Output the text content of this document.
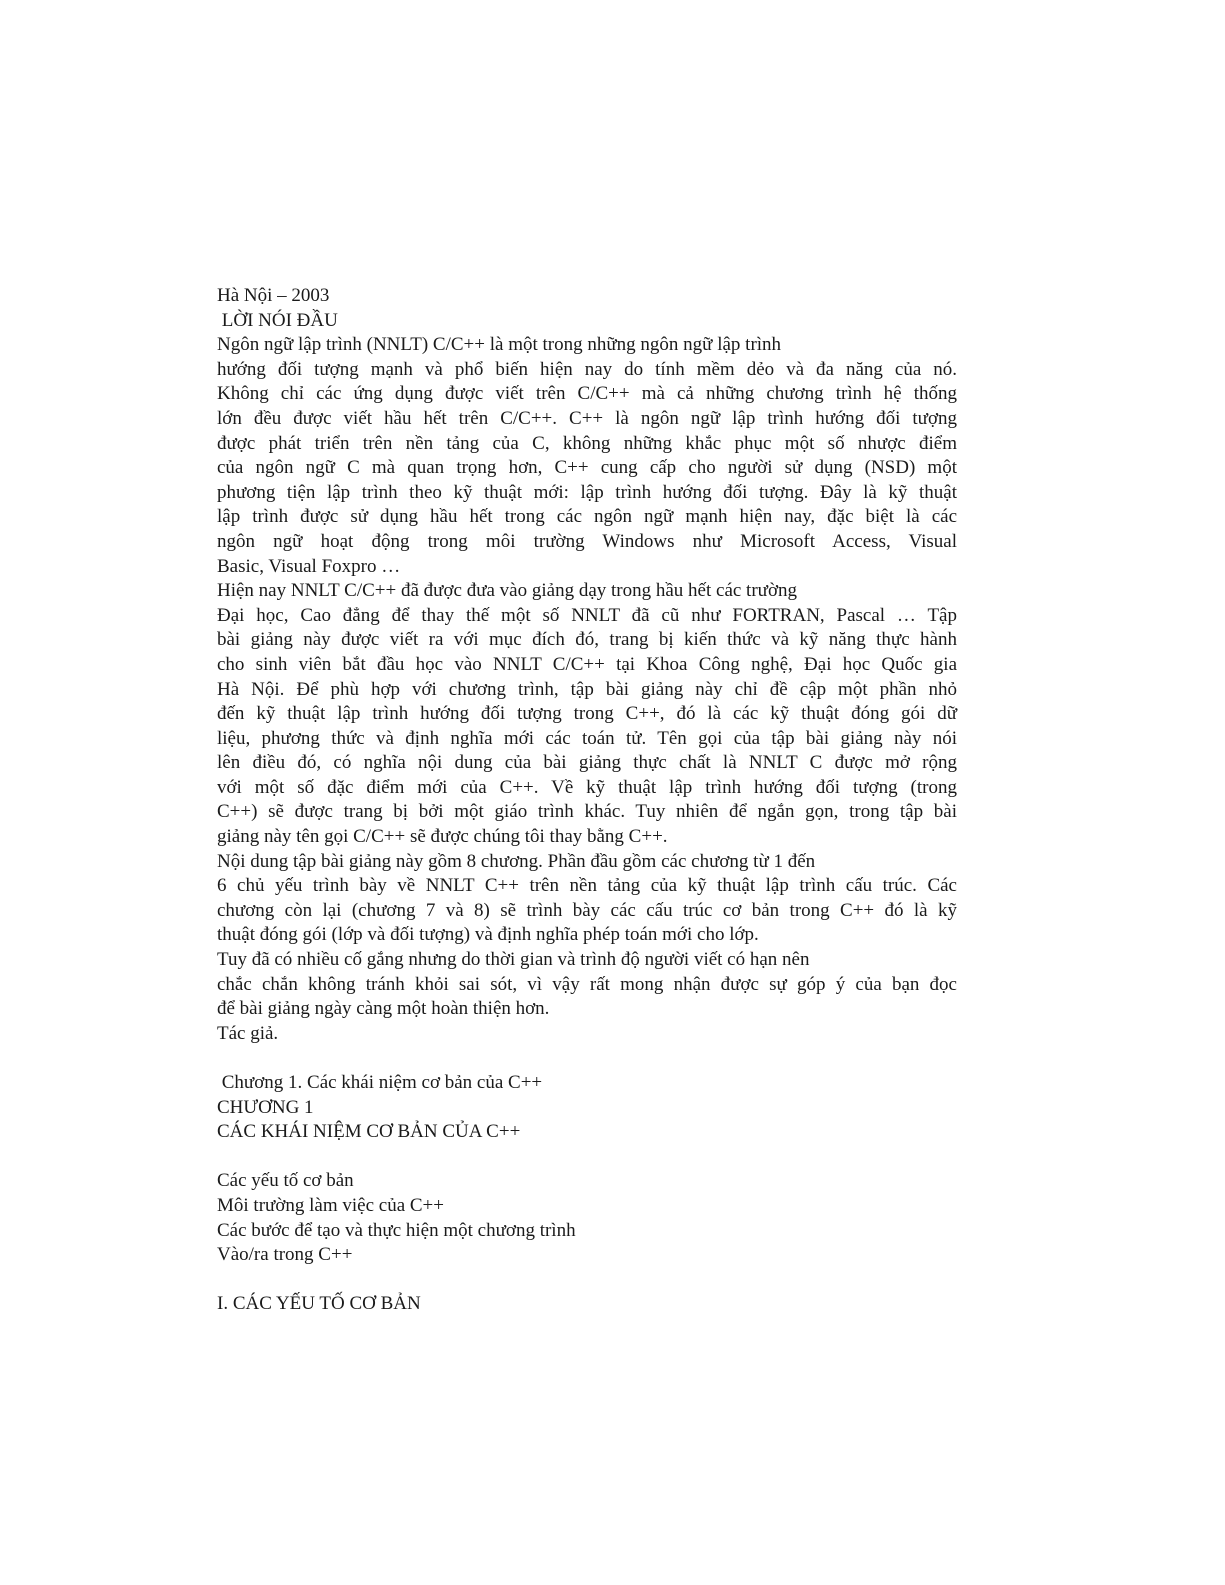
Hà Nội – 2003
LỜI NÓI ĐẦU
Ngôn ngữ lập trình (NNLT) C/C++ là một trong những ngôn ngữ lập trình
hướng đối tượng mạnh và phổ biến hiện nay do tính mềm dẻo và đa năng của nó.
Không chỉ các ứng dụng được viết trên C/C++ mà cả những chương trình hệ thống
lớn đều được viết hầu hết trên C/C++. C++ là ngôn ngữ lập trình hướng đối tượng
được phát triển trên nền tảng của C, không những khắc phục một số nhược điểm
của ngôn ngữ C mà quan trọng hơn, C++ cung cấp cho người sử dụng (NSD) một
phương tiện lập trình theo kỹ thuật mới: lập trình hướng đối tượng. Đây là kỹ thuật
lập trình được sử dụng hầu hết trong các ngôn ngữ mạnh hiện nay, đặc biệt là các
ngôn ngữ hoạt động trong môi trường Windows như Microsoft Access, Visual
Basic, Visual Foxpro …
Hiện nay NNLT C/C++ đã được đưa vào giảng dạy trong hầu hết các trường
Đại học, Cao đẳng để thay thế một số NNLT đã cũ như FORTRAN, Pascal … Tập
bài giảng này được viết ra với mục đích đó, trang bị kiến thức và kỹ năng thực hành
cho sinh viên bắt đầu học vào NNLT C/C++ tại Khoa Công nghệ, Đại học Quốc gia
Hà Nội. Để phù hợp với chương trình, tập bài giảng này chỉ đề cập một phần nhỏ
đến kỹ thuật lập trình hướng đối tượng trong C++, đó là các kỹ thuật đóng gói dữ
liệu, phương thức và định nghĩa mới các toán tử. Tên gọi của tập bài giảng này nói
lên điều đó, có nghĩa nội dung của bài giảng thực chất là NNLT C được mở rộng
với một số đặc điểm mới của C++. Về kỹ thuật lập trình hướng đối tượng (trong
C++) sẽ được trang bị bởi một giáo trình khác. Tuy nhiên để ngắn gọn, trong tập bài
giảng này tên gọi C/C++ sẽ được chúng tôi thay bằng C++.
Nội dung tập bài giảng này gồm 8 chương. Phần đầu gồm các chương từ 1 đến
6 chủ yếu trình bày về NNLT C++ trên nền tảng của kỹ thuật lập trình cấu trúc. Các
chương còn lại (chương 7 và 8) sẽ trình bày các cấu trúc cơ bản trong C++ đó là kỹ
thuật đóng gói (lớp và đối tượng) và định nghĩa phép toán mới cho lớp.
Tuy đã có nhiều cố gắng nhưng do thời gian và trình độ người viết có hạn nên
chắc chắn không tránh khỏi sai sót, vì vậy rất mong nhận được sự góp ý của bạn đọc
để bài giảng ngày càng một hoàn thiện hơn.
Tác giả.
Chương 1. Các khái niệm cơ bản của C++
CHƯƠNG 1
CÁC KHÁI NIỆM CƠ BẢN CỦA C++
Các yếu tố cơ bản
Môi trường làm việc của C++
Các bước để tạo và thực hiện một chương trình
Vào/ra trong C++
I. CÁC YẾU TỐ CƠ BẢN
